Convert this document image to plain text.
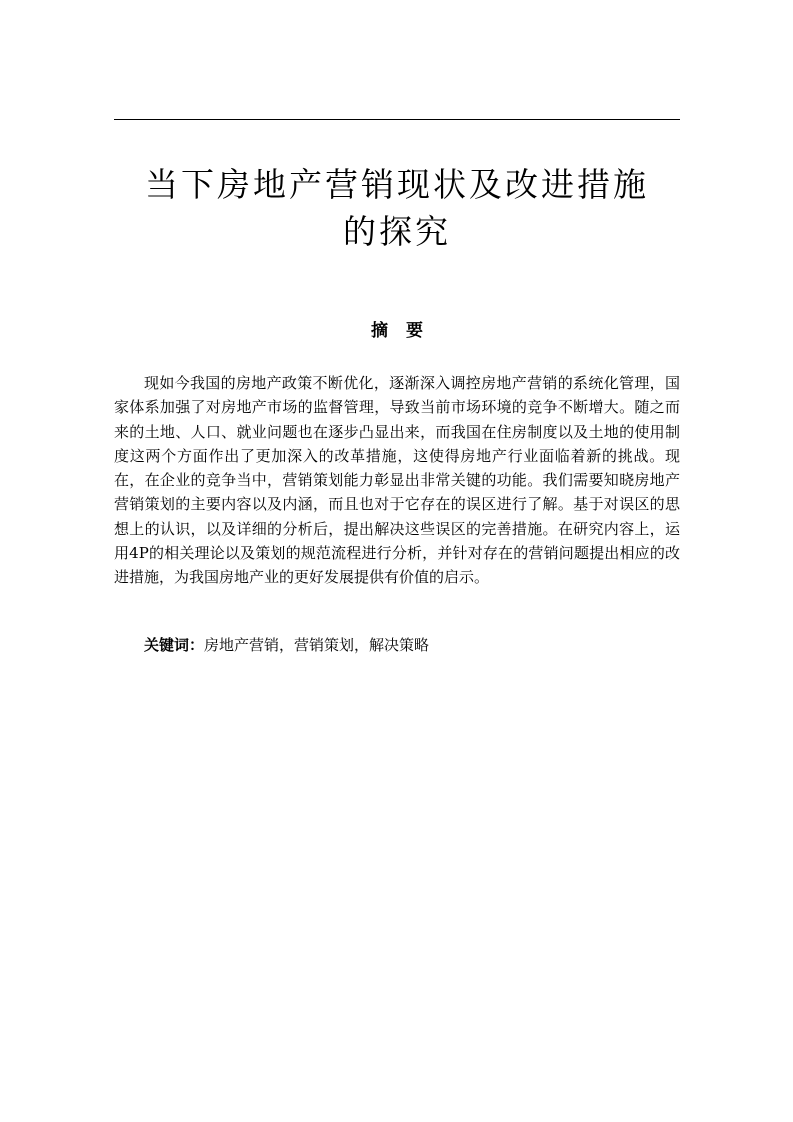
当下房地产营销现状及改进措施
的探究
摘要

现如今我国的房地产政策不断优化，逐渐深入调控房地产营销的系统化管理，国家体系加强了对房地产市场的监督管理，导致当前市场环境的竞争不断增大。随之而来的土地、人口、就业问题也在逐步凸显出来，而我国在住房制度以及土地的使用制度这两个方面作出了更加深入的改革措施，这使得房地产行业面临着新的挑战。现在，在企业的竞争当中，营销策划能力彰显出非常关键的功能。我们需要知晓房地产营销策划的主要内容以及内涵，而且也对于它存在的误区进行了解。基于对误区的思想上的认识，以及详细的分析后，提出解决这些误区的完善措施。在研究内容上，运用4P的相关理论以及策划的规范流程进行分析，并针对存在的营销问题提出相应的改进措施，为我国房地产业的更好发展提供有价值的启示。

关键词：房地产营销，营销策划，解决策略
